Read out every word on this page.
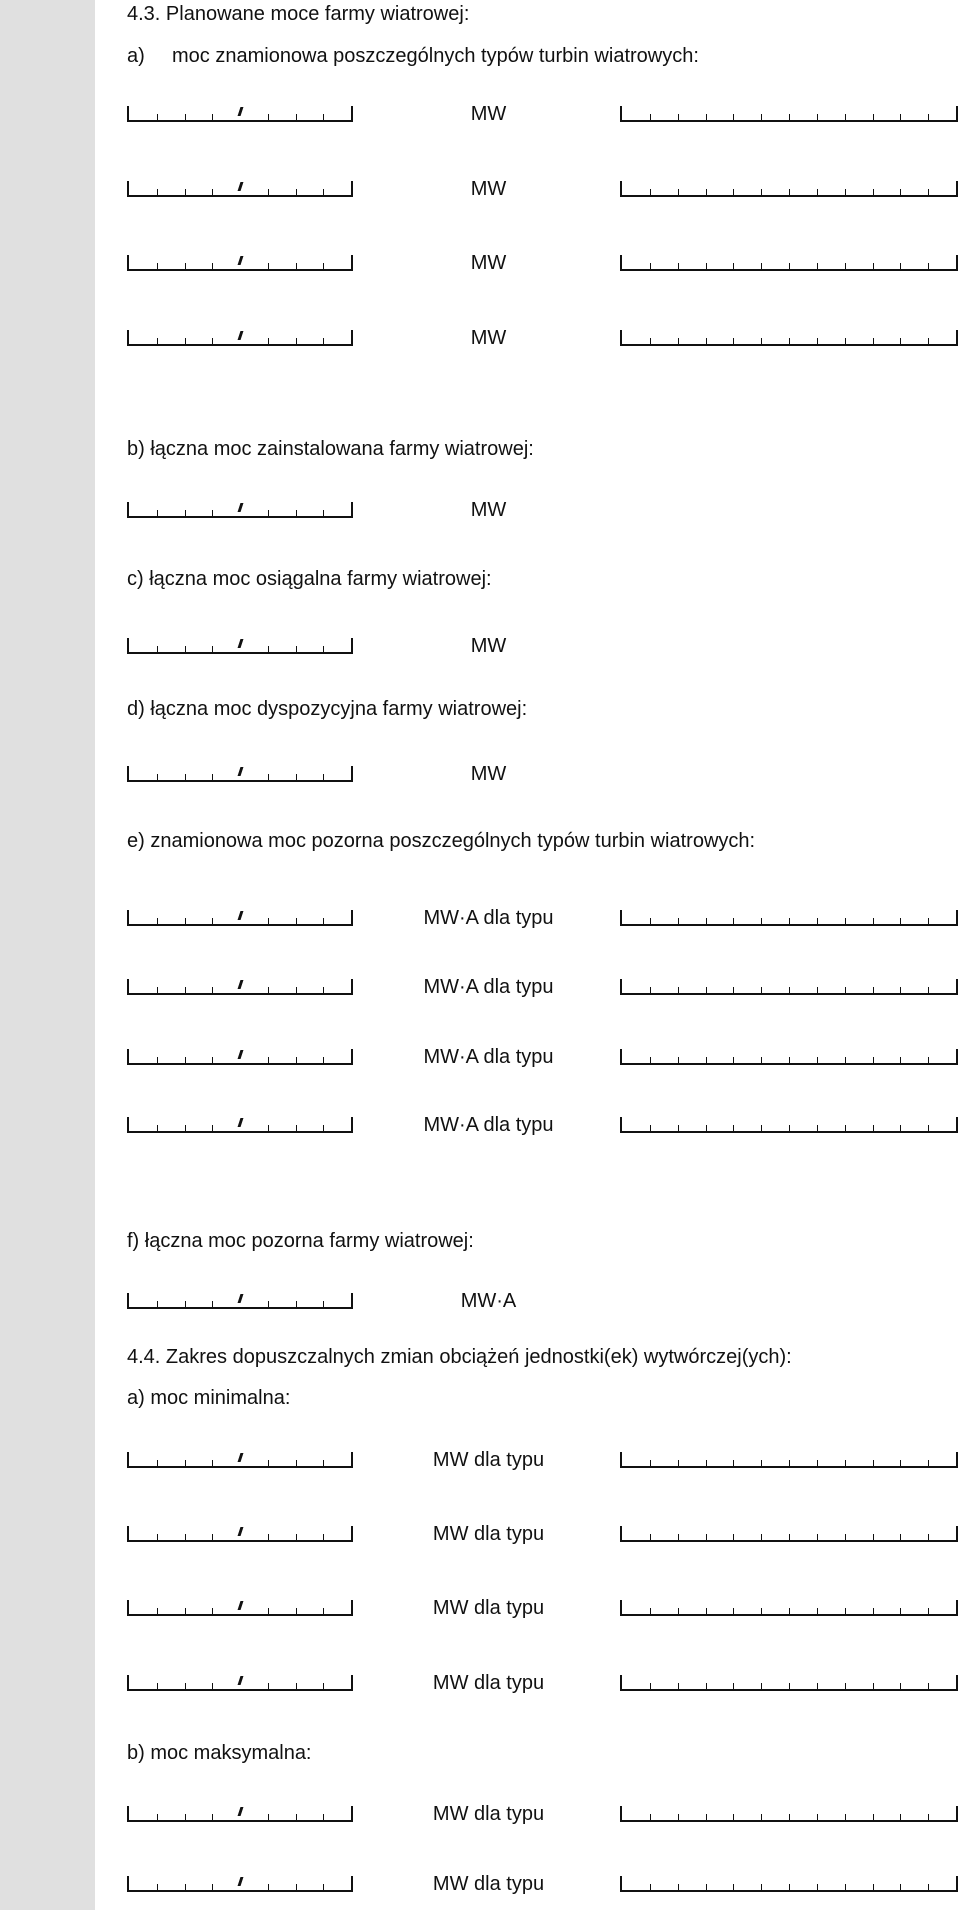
4.3. Planowane moce farmy wiatrowej:
a) moc znamionowa poszczególnych typów turbin wiatrowych:
MW
MW
MW
MW
b) łączna moc zainstalowana farmy wiatrowej:
MW
c) łączna moc osiągalna farmy wiatrowej:
MW
d) łączna moc dyspozycyjna farmy wiatrowej:
MW
e) znamionowa moc pozorna poszczególnych typów turbin wiatrowych:
MW·A dla typu
MW·A dla typu
MW·A dla typu
MW·A dla typu
f) łączna moc pozorna farmy wiatrowej:
MW·A
4.4. Zakres dopuszczalnych zmian obciążeń jednostki(ek) wytwórczej(ych):
a) moc minimalna:
MW dla typu
MW dla typu
MW dla typu
MW dla typu
b) moc maksymalna:
MW dla typu
MW dla typu
